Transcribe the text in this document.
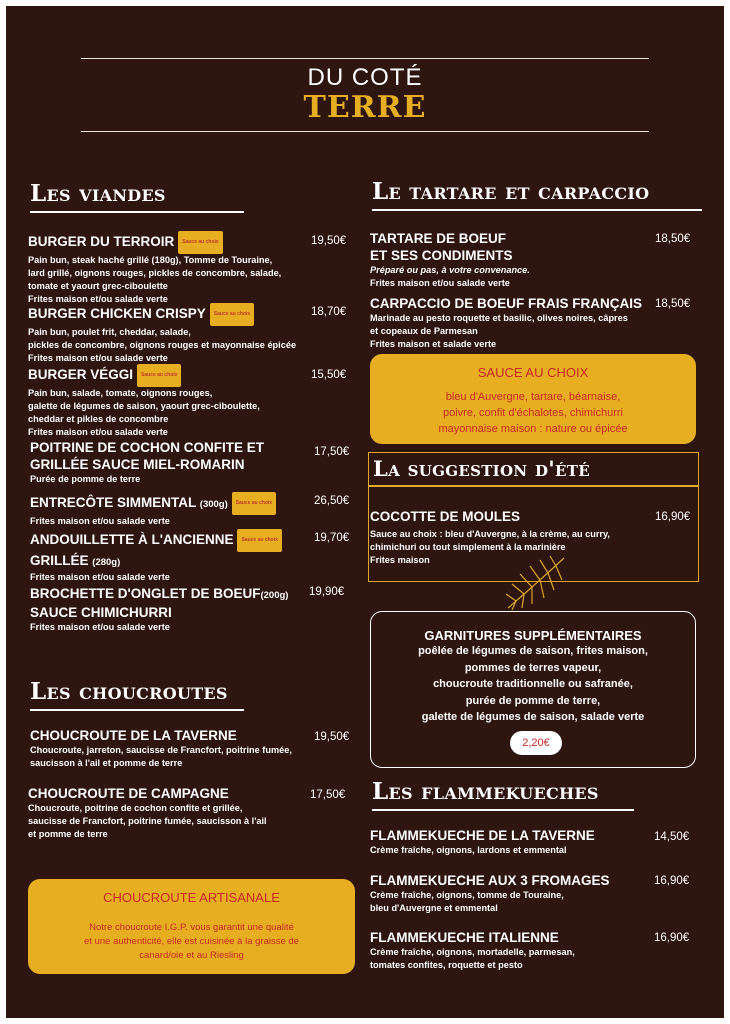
DU COTÉ
TERRE
Les viandes
BURGER DU TERROIR Sauce au choix
Pain bun, steak haché grillé (180g), Tomme de Touraine,
lard grillé, oignons rouges, pickles de concombre, salade,
tomate et yaourt grec-ciboulette
Frites maison et/ou salade verte
19,50€
BURGER CHICKEN CRISPY Sauce au choix
Pain bun, poulet frit, cheddar, salade,
pickles de concombre, oignons rouges et mayonnaise épicée
Frites maison et/ou salade verte
18,70€
BURGER VÉGGI Sauce au choix
Pain bun, salade, tomate, oignons rouges,
galette de légumes de saison, yaourt grec-ciboulette,
cheddar et pikles de concombre
Frites maison et/ou salade verte
15,50€
POITRINE DE COCHON CONFITE ET
GRILLÉE SAUCE MIEL-ROMARIN
Purée de pomme de terre
17,50€
ENTRECÔTE SIMMENTAL (300g) Sauce au choix
Frites maison et/ou salade verte
26,50€
ANDOUILLETTE À L'ANCIENNE Sauce au choix
GRILLÉE (280g)
Frites maison et/ou salade verte
19,70€
BROCHETTE D'ONGLET DE BOEUF(200g)
SAUCE CHIMICHURRI
Frites maison et/ou salade verte
19,90€
Les choucroutes
CHOUCROUTE DE LA TAVERNE
Choucroute, jarreton, saucisse de Francfort, poitrine fumée,
saucisson à l'ail et pomme de terre
19,50€
CHOUCROUTE DE CAMPAGNE
Choucroute, poitrine de cochon confite et grillée,
saucisse de Francfort, poitrine fumée, saucisson à l'ail
et pomme de terre
17,50€
CHOUCROUTE ARTISANALE
Notre choucroute I.G.P. vous garantit une qualité
et une authenticité, elle est cuisinée à la graisse de
canard/oie et au Riesling
Le tartare et carpaccio
TARTARE DE BOEUF
ET SES CONDIMENTS
Préparé ou pas, à votre convenance.
Frites maison et/ou salade verte
18,50€
CARPACCIO DE BOEUF FRAIS FRANÇAIS
Marinade au pesto roquette et basilic, olives noires, câpres
et copeaux de Parmesan
Frites maison et salade verte
18,50€
SAUCE AU CHOIX
bleu d'Auvergne, tartare, béarnaise,
poivre, confit d'échalotes, chimichurri
mayonnaise maison : nature ou épicée
La suggestion d'été
COCOTTE DE MOULES
Sauce au choix : bleu d'Auvergne, à la crème, au curry,
chimichuri ou tout simplement à la marinière
Frites maison
16,90€
GARNITURES SUPPLÉMENTAIRES
poêlée de légumes de saison, frites maison,
pommes de terres vapeur,
choucroute traditionnelle ou safranée,
purée de pomme de terre,
galette de légumes de saison, salade verte
2,20€
Les flammekueches
FLAMMEKUECHE DE LA TAVERNE
Crème fraîche, oignons, lardons et emmental
14,50€
FLAMMEKUECHE AUX 3 FROMAGES
Crème fraîche, oignons, tomme de Touraine,
bleu d'Auvergne et emmental
16,90€
FLAMMEKUECHE ITALIENNE
Crème fraîche, oignons, mortadelle, parmesan,
tomates confites, roquette et pesto
16,90€
